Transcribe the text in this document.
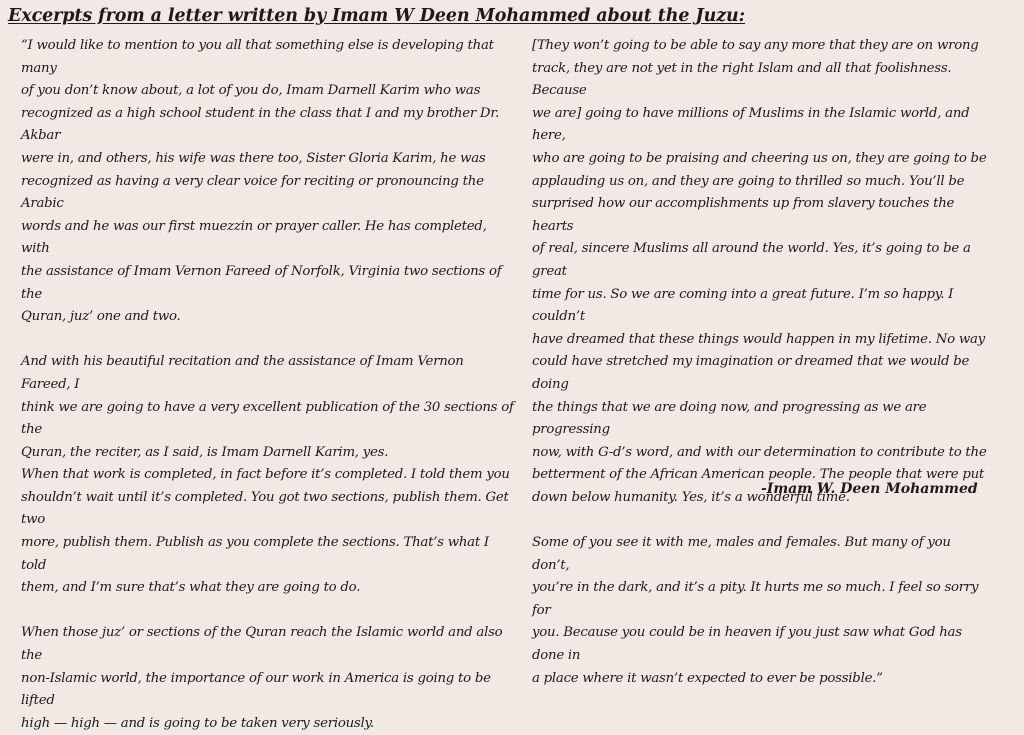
Excerpts from a letter written by Imam W Deen Mohammed about the Juzu:

“I would like to mention to you all that something else is developing that many
of you don’t know about, a lot of you do, Imam Darnell Karim who was
recognized as a high school student in the class that I and my brother Dr. Akbar
were in, and others, his wife was there too, Sister Gloria Karim, he was
recognized as having a very clear voice for reciting or pronouncing the Arabic
words and he was our first muezzin or prayer caller. He has completed, with
the assistance of Imam Vernon Fareed of Norfolk, Virginia two sections of the
Quran, juz’ one and two.

And with his beautiful recitation and the assistance of Imam Vernon Fareed, I
think we are going to have a very excellent publication of the 30 sections of the
Quran, the reciter, as I said, is Imam Darnell Karim, yes.

When that work is completed, in fact before it’s completed. I told them you
shouldn’t wait until it’s completed. You got two sections, publish them. Get two
more, publish them. Publish as you complete the sections. That’s what I told
them, and I’m sure that’s what they are going to do.

When those juz’ or sections of the Quran reach the Islamic world and also the
non-Islamic world, the importance of our work in America is going to be lifted
high — high — and is going to be taken very seriously.

[They won’t going to be able to say any more that they are on wrong
track, they are not yet in the right Islam and all that foolishness. Because
we are] going to have millions of Muslims in the Islamic world, and here,
who are going to be praising and cheering us on, they are going to be
applauding us on, and they are going to thrilled so much. You’ll be
surprised how our accomplishments up from slavery touches the hearts
of real, sincere Muslims all around the world. Yes, it’s going to be a great
time for us. So we are coming into a great future. I’m so happy. I couldn’t
have dreamed that these things would happen in my lifetime. No way
could have stretched my imagination or dreamed that we would be doing
the things that we are doing now, and progressing as we are progressing
now, with G-d’s word, and with our determination to contribute to the
betterment of the African American people. The people that were put
down below humanity. Yes, it’s a wonderful time.

Some of you see it with me, males and females. But many of you don’t,
you’re in the dark, and it’s a pity. It hurts me so much. I feel so sorry for
you. Because you could be in heaven if you just saw what God has done in
a place where it wasn’t expected to ever be possible.”

-Imam W. Deen Mohammed
